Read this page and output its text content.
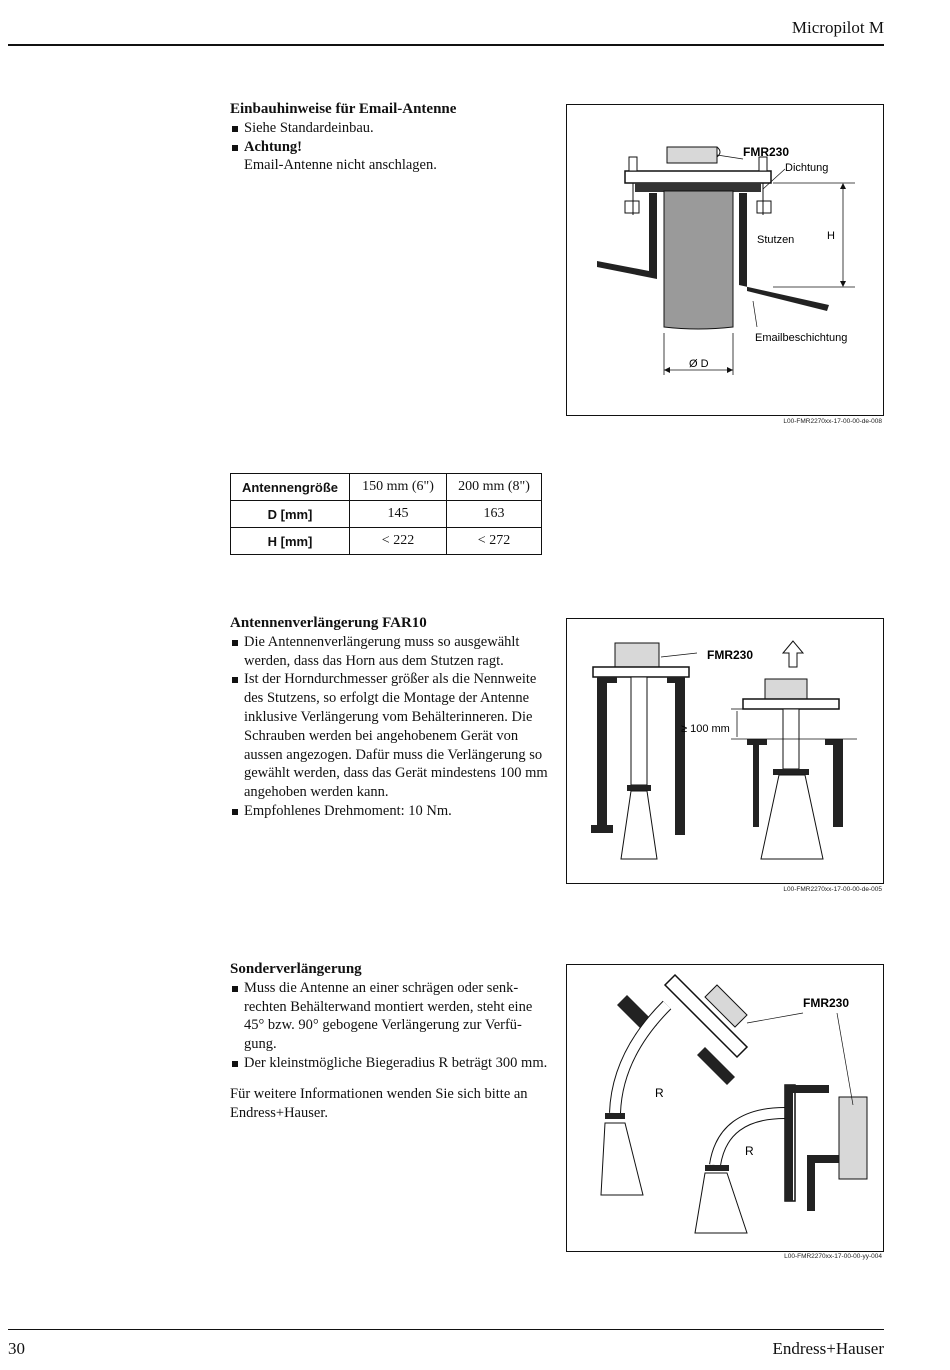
Micropilot M
Einbauhinweise für Email-Antenne
Siehe Standardeinbau.
Achtung!
Email-Antenne nicht anschlagen.
FMR230
Dichtung
Stutzen	H
Emailbeschichtung
Ø D
L00-FMR2270xx-17-00-00-de-008
Antennengröße	150 mm (6")	200 mm (8")
D [mm]	145	163
H [mm]	< 222	< 272
Antennenverlängerung FAR10
Die Antennenverlängerung muss so ausgewählt werden, dass das Horn aus dem Stutzen ragt.
Ist der Horndurchmesser größer als die Nennweite des Stutzens, so erfolgt die Montage der Antenne inklusive Verlängerung vom Behälterinneren. Die Schrauben werden bei angehobenem Gerät von aussen angezogen. Dafür muss die Verlängerung so gewählt werden, dass das Gerät mindestens 100 mm angehoben werden kann.
Empfohlenes Drehmoment: 10 Nm.
FMR230
≥ 100 mm
L00-FMR2270xx-17-00-00-de-005
Sonderverlängerung
Muss die Antenne an einer schrägen oder senk-rechten Behälterwand montiert werden, steht eine 45° bzw. 90° gebogene Verlängerung zur Verfü-gung.
Der kleinstmögliche Biegeradius R beträgt 300 mm.

Für weitere Informationen wenden Sie sich bitte an Endress+Hauser.

FMR230
R
R
L00-FMR2270xx-17-00-00-yy-004
30	Endress+Hauser
